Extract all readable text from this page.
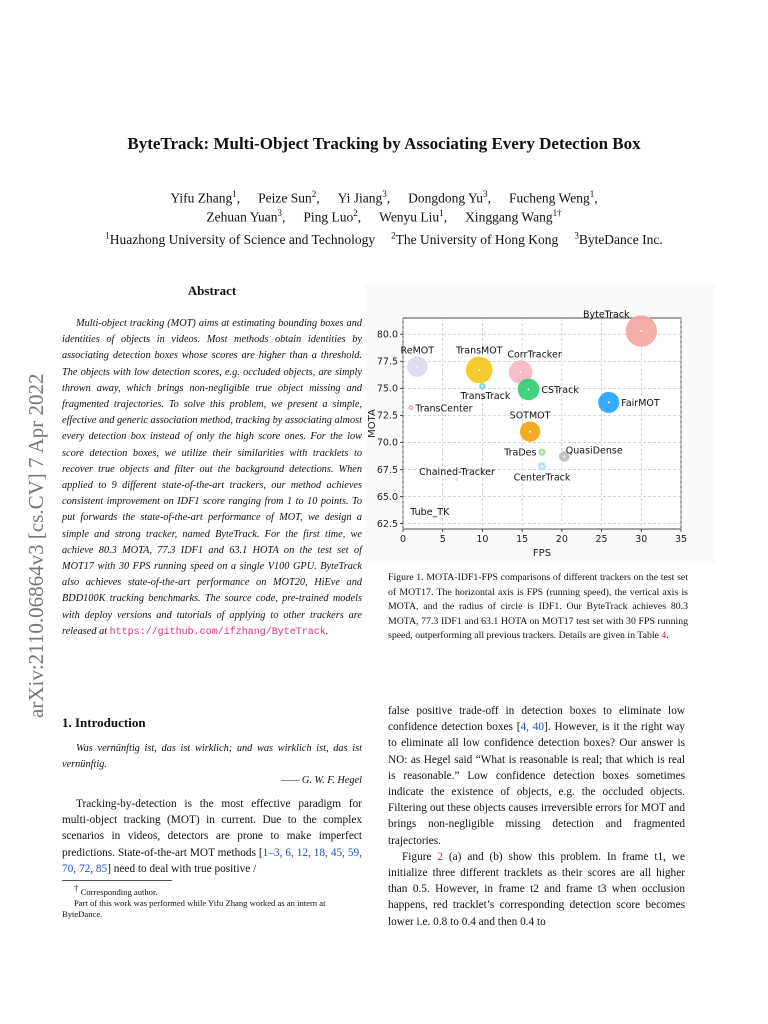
ByteTrack: Multi-Object Tracking by Associating Every Detection Box
Yifu Zhang$^1$, Peize Sun$^2$, Yi Jiang$^3$, Dongdong Yu$^3$, Fucheng Weng$^1$,
Zehuan Yuan$^3$, Ping Luo$^2$, Wenyu Liu$^1$, Xinggang Wang$^{1\dagger}$
$^1$Huazhong University of Science and Technology $^2$The University of Hong Kong $^3$ByteDance Inc.
arXiv:2110.06864v3 [cs.CV] 7 Apr 2022
Abstract
Multi-object tracking (MOT) aims at estimating bounding boxes and identities of objects in videos. Most methods obtain identities by associating detection boxes whose scores are higher than a threshold. The objects with low detection scores, e.g. occluded objects, are simply thrown away, which brings non-negligible true object missing and fragmented trajectories. To solve this problem, we present a simple, effective and generic association method, tracking by associating almost every detection box instead of only the high score ones. For the low score detection boxes, we utilize their similarities with tracklets to recover true objects and filter out the background detections. When applied to 9 different state-of-the-art trackers, our method achieves consistent improvement on IDF1 score ranging from 1 to 10 points. To put forwards the state-of-the-art performance of MOT, we design a simple and strong tracker, named ByteTrack. For the first time, we achieve 80.3 MOTA, 77.3 IDF1 and 63.1 HOTA on the test set of MOT17 with 30 FPS running speed on a single V100 GPU. ByteTrack also achieves state-of-the-art performance on MOT20, HiEve and BDD100K tracking benchmarks. The source code, pre-trained models with deploy versions and tutorials of applying to other trackers are released at https://github.com/ifzhang/ByteTrack.
1. Introduction
Was vernünftig ist, das ist wirklich; und was wirklich ist, das ist vernünftig.
—— G. W. F. Hegel
Tracking-by-detection is the most effective paradigm for multi-object tracking (MOT) in current. Due to the complex scenarios in videos, detectors are prone to make imperfect predictions. State-of-the-art MOT methods [1–3, 6, 12, 18, 45, 59, 70, 72, 85] need to deal with true positive /
† Corresponding author.
Part of this work was performed while Yifu Zhang worked as an intern at ByteDance.
0	5	10	15	20	25	30	35
62.5
65.0
67.5
70.0
72.5
75.0
77.5
80.0
FPS
MOTA
ByteTrack
ReMOT TransMOT CorrTracker
TransTrack
CSTrack
FairMOT
TransCenter
SOTMOT
TraDes	QuasiDense
CenterTrack
Chained-Tracker
Tube_TK
Figure 1. MOTA-IDF1-FPS comparisons of different trackers on the test set of MOT17. The horizontal axis is FPS (running speed), the vertical axis is MOTA, and the radius of circle is IDF1. Our ByteTrack achieves 80.3 MOTA, 77.3 IDF1 and 63.1 HOTA on MOT17 test set with 30 FPS running speed, outperforming all previous trackers. Details are given in Table 4.

false positive trade-off in detection boxes to eliminate low confidence detection boxes [4, 40]. However, is it the right way to eliminate all low confidence detection boxes? Our answer is NO: as Hegel said “What is reasonable is real; that which is real is reasonable.” Low confidence detection boxes sometimes indicate the existence of objects, e.g. the occluded objects. Filtering out these objects causes irreversible errors for MOT and brings non-negligible missing detection and fragmented trajectories.

Figure 2 (a) and (b) show this problem. In frame t1, we initialize three different tracklets as their scores are all higher than 0.5. However, in frame t2 and frame t3 when occlusion happens, red tracklet’s corresponding detection score becomes lower i.e. 0.8 to 0.4 and then 0.4 to
